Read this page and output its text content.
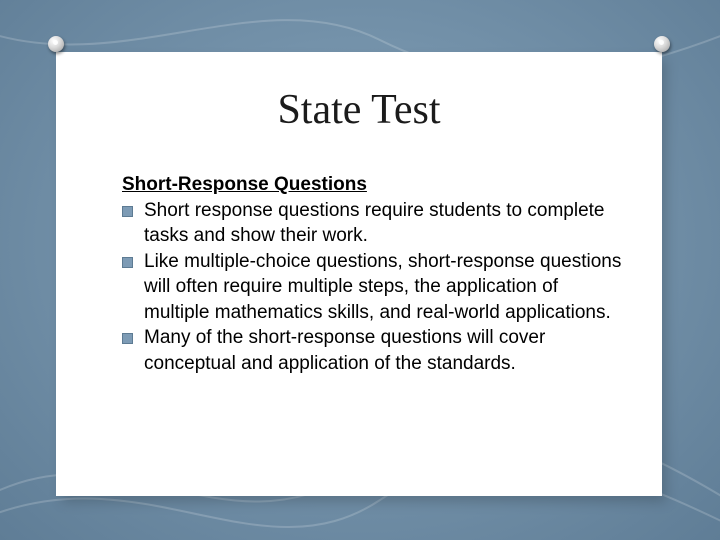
State Test

Short-Response Questions

Short response questions require students to complete tasks and show their work.
Like multiple-choice questions, short-response questions will often require multiple steps, the application of multiple mathematics skills, and real-world applications.
Many of the short-response questions will cover conceptual and application of the standards.
